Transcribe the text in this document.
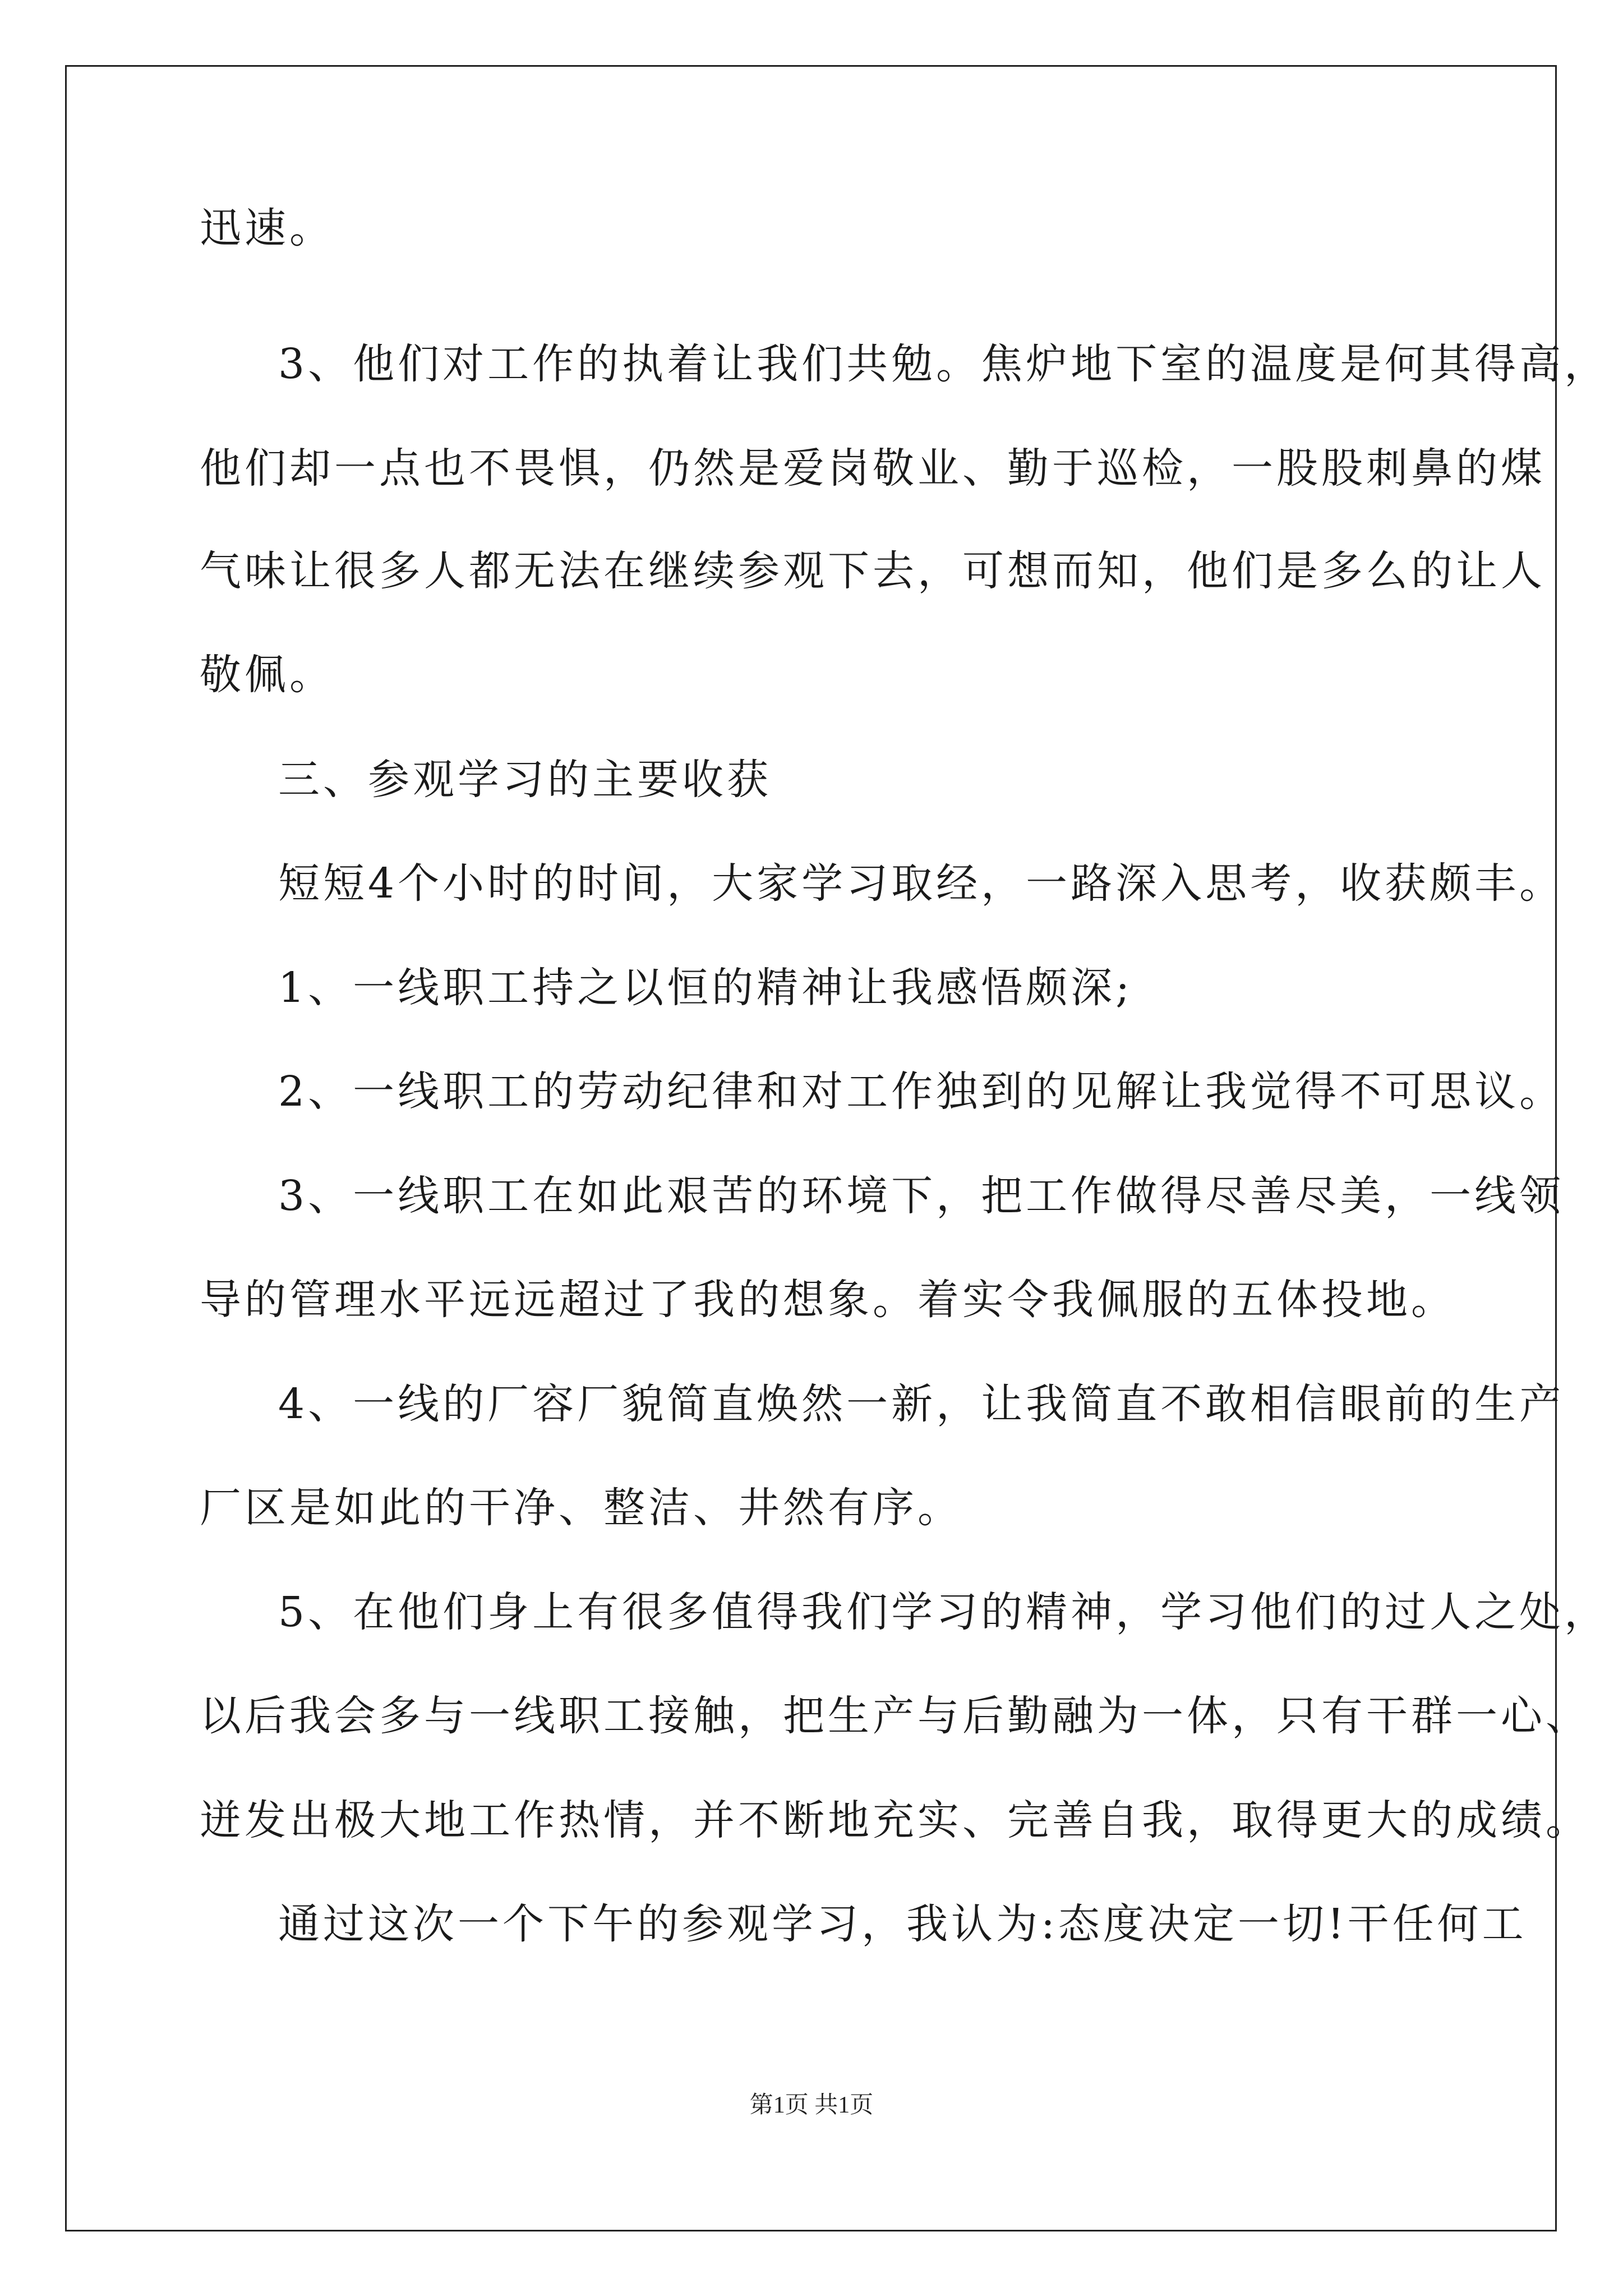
迅速。
3、他们对工作的执着让我们共勉。焦炉地下室的温度是何其得高，
他们却一点也不畏惧，仍然是爱岗敬业、勤于巡检，一股股刺鼻的煤
气味让很多人都无法在继续参观下去，可想而知，他们是多么的让人
敬佩。
三、参观学习的主要收获
短短4个小时的时间，大家学习取经，一路深入思考，收获颇丰。
1、一线职工持之以恒的精神让我感悟颇深;
2、一线职工的劳动纪律和对工作独到的见解让我觉得不可思议。
3、一线职工在如此艰苦的环境下，把工作做得尽善尽美，一线领
导的管理水平远远超过了我的想象。着实令我佩服的五体投地。
4、一线的厂容厂貌简直焕然一新，让我简直不敢相信眼前的生产
厂区是如此的干净、整洁、井然有序。
5、在他们身上有很多值得我们学习的精神，学习他们的过人之处，
以后我会多与一线职工接触，把生产与后勤融为一体，只有干群一心、
迸发出极大地工作热情，并不断地充实、完善自我，取得更大的成绩。
通过这次一个下午的参观学习，我认为:态度决定一切!干任何工
第1页 共1页
